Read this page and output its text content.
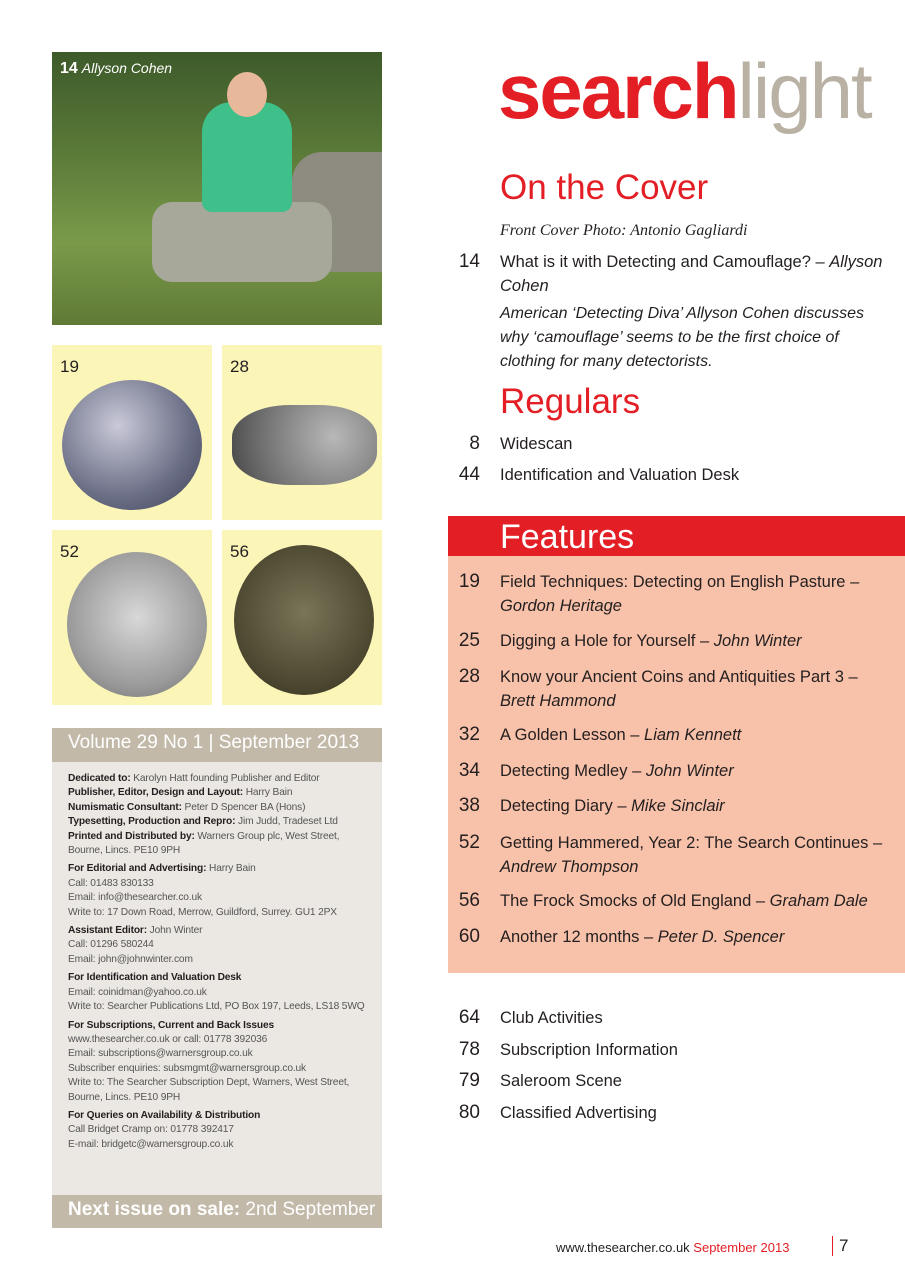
14 Allyson Cohen
19	28
52	56
Volume 29 No 1 | September 2013
Dedicated to: Karolyn Hatt founding Publisher and Editor
Publisher, Editor, Design and Layout: Harry Bain
Numismatic Consultant: Peter D Spencer BA (Hons)
Typesetting, Production and Repro: Jim Judd, Tradeset Ltd
Printed and Distributed by: Warners Group plc, West Street, Bourne, Lincs. PE10 9PH
For Editorial and Advertising: Harry Bain
Call: 01483 830133
Email: info@thesearcher.co.uk
Write to: 17 Down Road, Merrow, Guildford, Surrey. GU1 2PX
Assistant Editor: John Winter
Call: 01296 580244
Email: john@johnwinter.com
For Identification and Valuation Desk
Email: coinidman@yahoo.co.uk
Write to: Searcher Publications Ltd, PO Box 197, Leeds, LS18 5WQ
For Subscriptions, Current and Back Issues
www.thesearcher.co.uk or call: 01778 392036
Email: subscriptions@warnersgroup.co.uk
Subscriber enquiries: subsmgmt@warnersgroup.co.uk
Write to: The Searcher Subscription Dept, Warners, West Street, Bourne, Lincs. PE10 9PH
For Queries on Availability & Distribution
Call Bridget Cramp on: 01778 392417
E-mail: bridgetc@warnersgroup.co.uk
Next issue on sale: 2nd September
searchlight
On the Cover
Front Cover Photo: Antonio Gagliardi
14 What is it with Detecting and Camouflage? – Allyson Cohen
American ‘Detecting Diva’ Allyson Cohen discusses why ‘camouflage’ seems to be the first choice of clothing for many detectorists.
Regulars
Features
www.thesearcher.co.uk September 2013	7
8 Widescan
44 Identification and Valuation Desk
19 Field Techniques: Detecting on English Pasture – Gordon Heritage
25 Digging a Hole for Yourself – John Winter
28 Know your Ancient Coins and Antiquities Part 3 – Brett Hammond
32 A Golden Lesson – Liam Kennett
34 Detecting Medley – John Winter
38 Detecting Diary – Mike Sinclair
52 Getting Hammered, Year 2: The Search Continues – Andrew Thompson
56 The Frock Smocks of Old England – Graham Dale
60 Another 12 months – Peter D. Spencer
64 Club Activities
78 Subscription Information
79 Saleroom Scene
80 Classified Advertising
